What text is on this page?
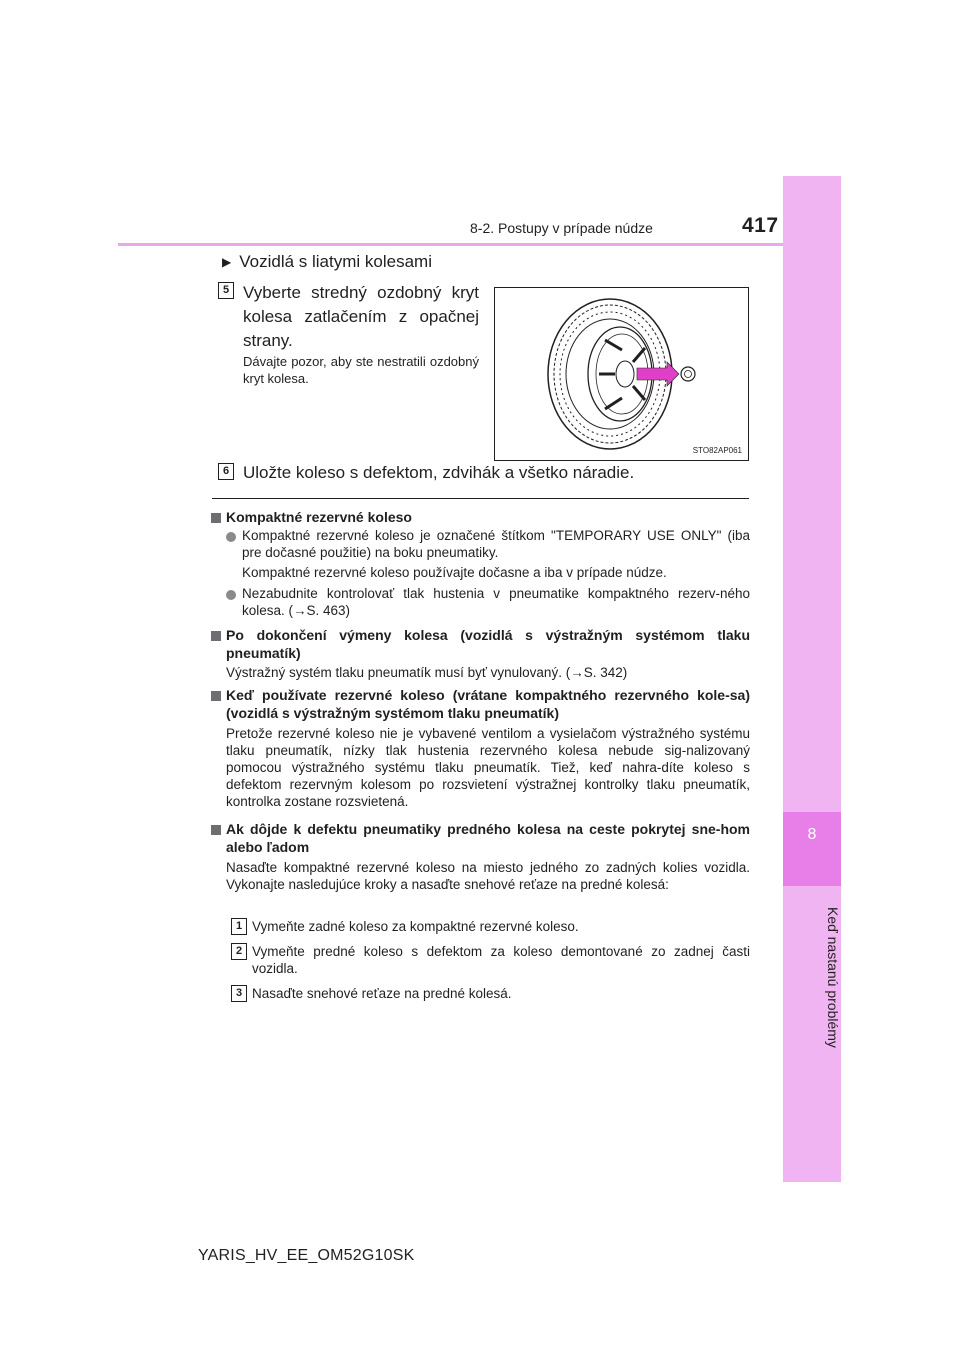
8-2. Postupy v prípade núdze	417
8
Keď nastanú problémy
▶ Vozidlá s liatymi kolesami
5 Vyberte stredný ozdobný kryt kolesa zatlačením z opačnej strany.
Dávajte pozor, aby ste nestratili ozdobný kryt kolesa.
STO82AP061
6 Uložte koleso s defektom, zdvihák a všetko náradie.
Kompaktné rezervné koleso
Kompaktné rezervné koleso je označené štítkom "TEMPORARY USE ONLY" (iba pre dočasné použitie) na boku pneumatiky.
Kompaktné rezervné koleso používajte dočasne a iba v prípade núdze.
Nezabudnite kontrolovať tlak hustenia v pneumatike kompaktného rezerv-ného kolesa. (→S. 463)
Po dokončení výmeny kolesa (vozidlá s výstražným systémom tlaku pneumatík)
Výstražný systém tlaku pneumatík musí byť vynulovaný. (→S. 342)
Keď používate rezervné koleso (vrátane kompaktného rezervného kole-sa) (vozidlá s výstražným systémom tlaku pneumatík)
Pretože rezervné koleso nie je vybavené ventilom a vysielačom výstražného systému tlaku pneumatík, nízky tlak hustenia rezervného kolesa nebude sig-nalizovaný pomocou výstražného systému tlaku pneumatík. Tiež, keď nahra-díte koleso s defektom rezervným kolesom po rozsvietení výstražnej kontrolky tlaku pneumatík, kontrolka zostane rozsvietená.
Ak dôjde k defektu pneumatiky predného kolesa na ceste pokrytej sne-hom alebo ľadom
Nasaďte kompaktné rezervné koleso na miesto jedného zo zadných kolies vozidla. Vykonajte nasledujúce kroky a nasaďte snehové reťaze na predné kolesá:
1 Vymeňte zadné koleso za kompaktné rezervné koleso.
2 Vymeňte predné koleso s defektom za koleso demontované zo zadnej časti vozidla.
3 Nasaďte snehové reťaze na predné kolesá.
YARIS_HV_EE_OM52G10SK
